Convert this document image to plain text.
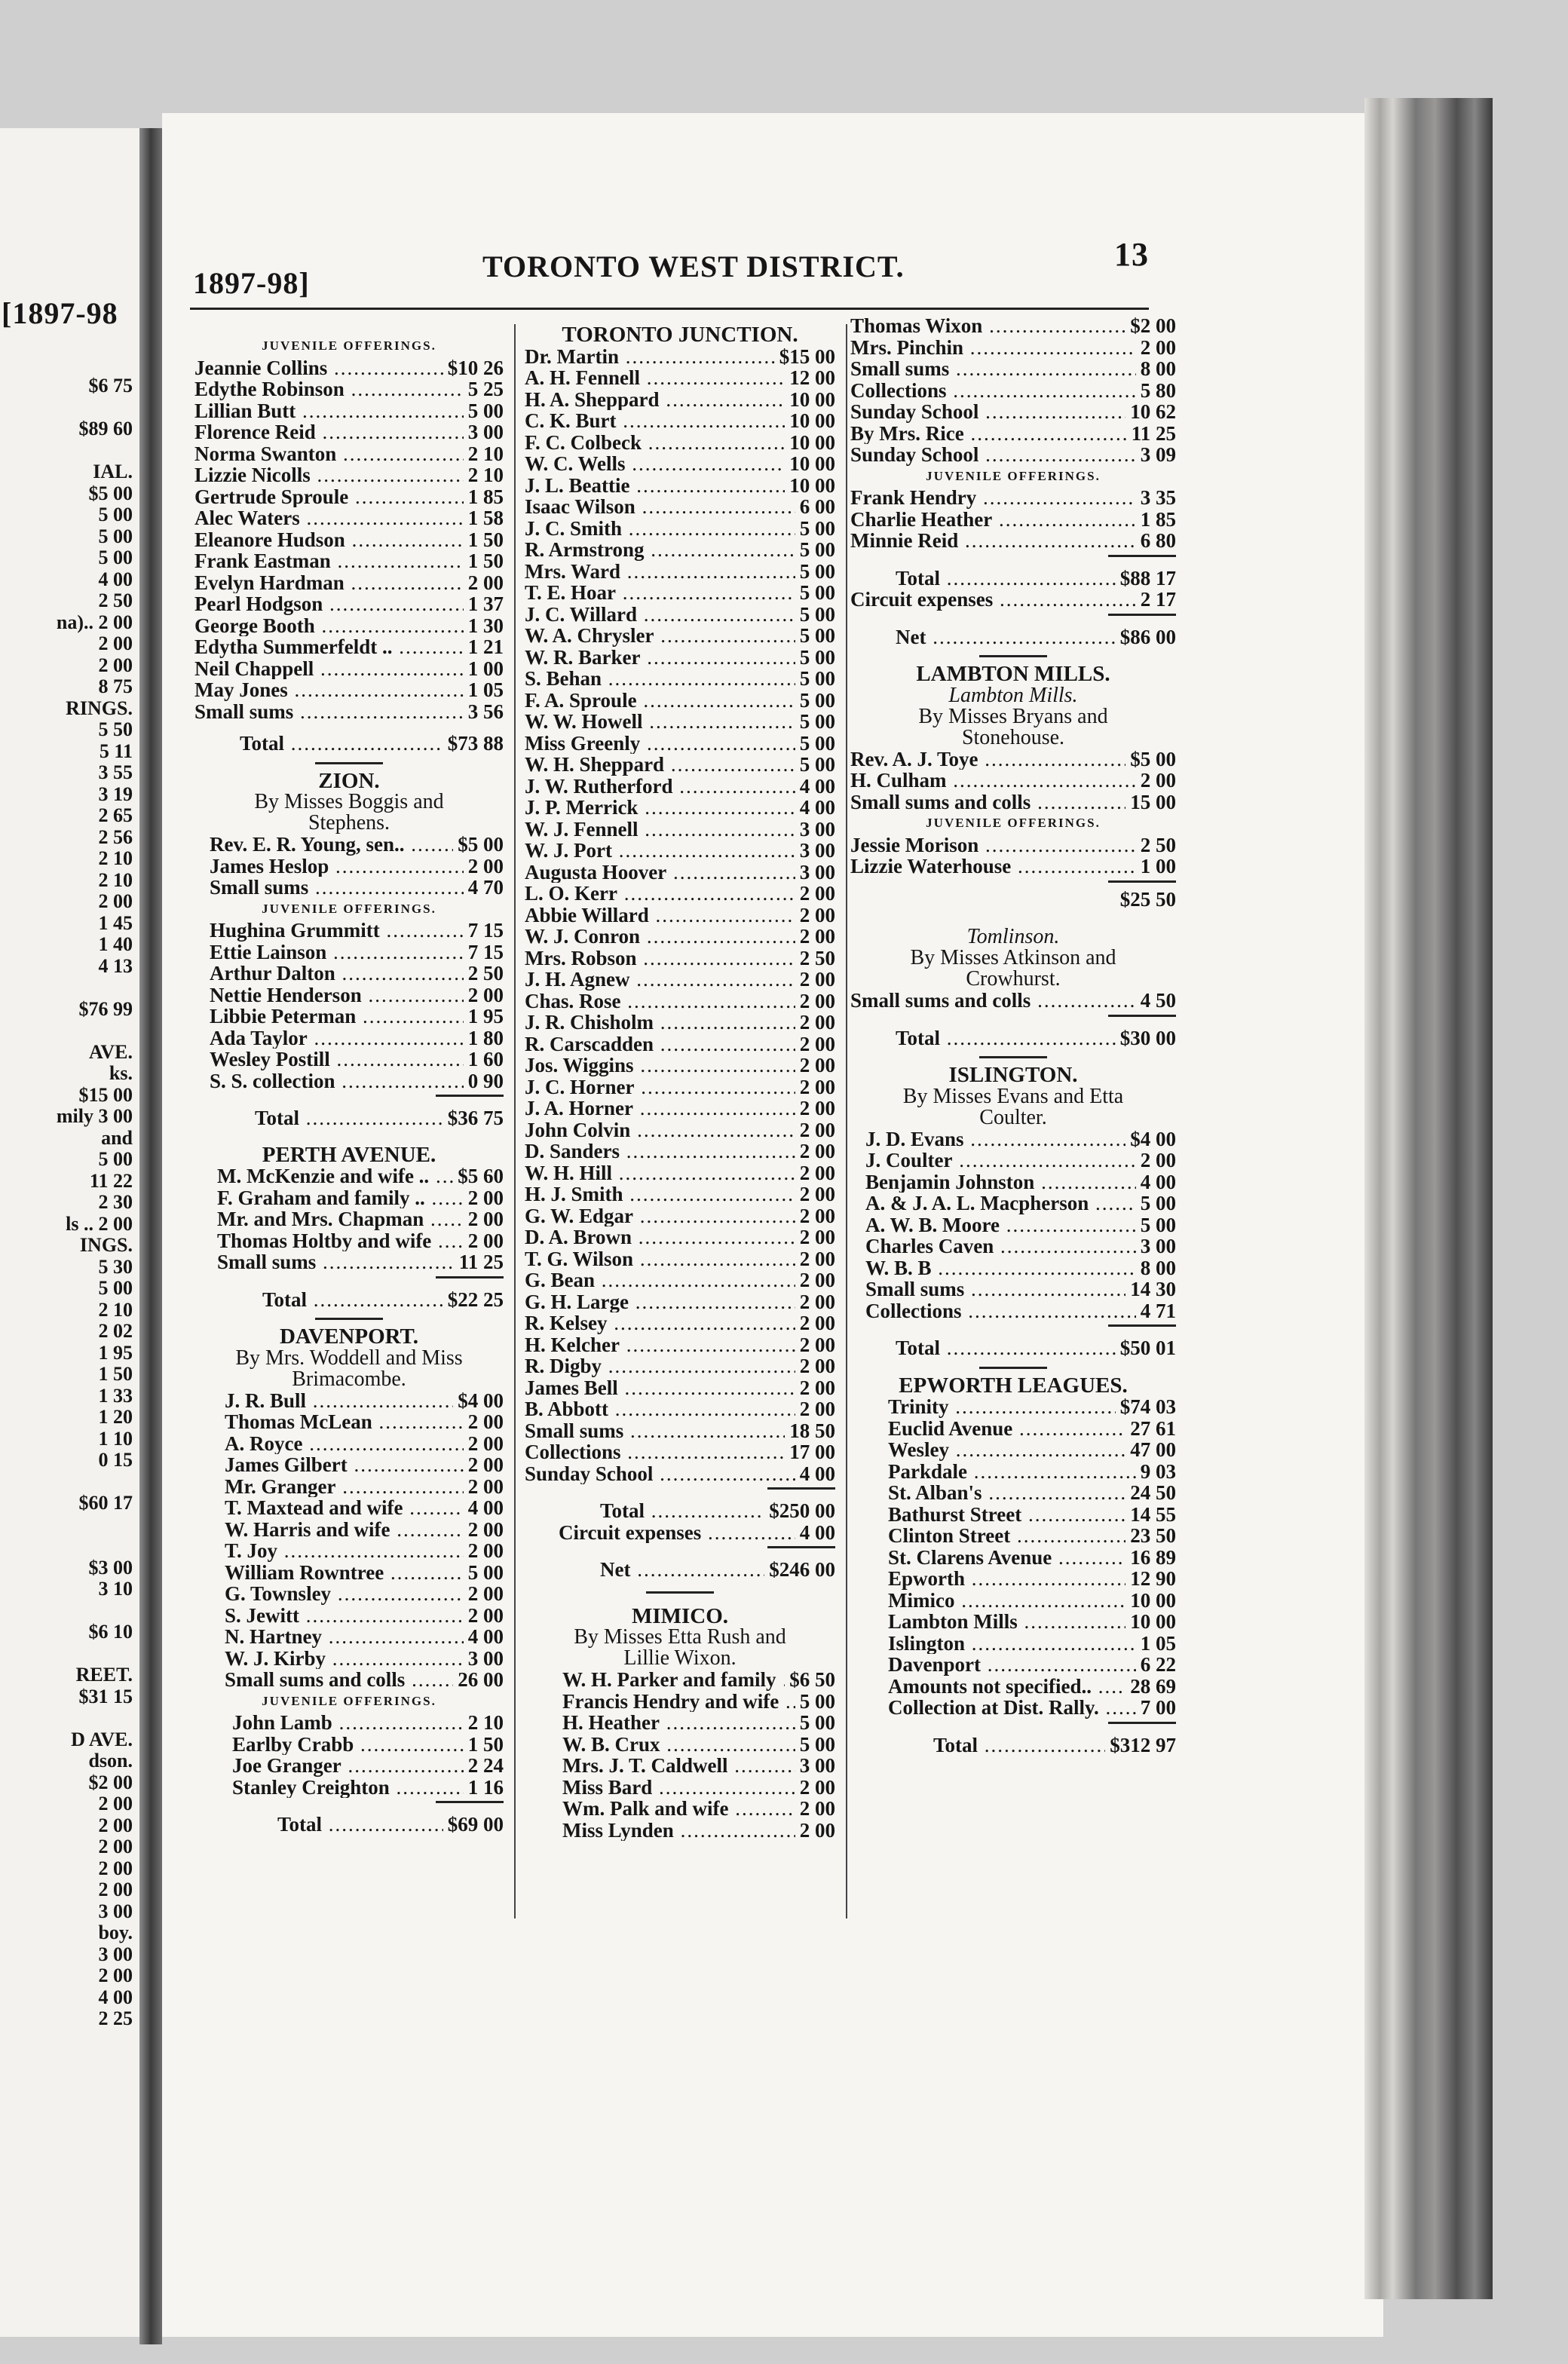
[1897-98
$6 75

$89 60

IAL.
$5 00
5 00
5 00
5 00
4 00
2 50
na).. 2 00
2 00
2 00
8 75
RINGS.
5 50
5 11
3 55
3 19
2 65
2 56
2 10
2 10
2 00
1 45
1 40
4 13

$76 99

AVE.
ks.
$15 00
mily 3 00
and
5 00
11 22
2 30
ls .. 2 00
INGS.
5 30
5 00
2 10
2 02
1 95
1 50
1 33
1 20
1 10
0 15

$60 17

$3 00
3 10

$6 10

REET.
$31 15

D AVE.
dson.
$2 00
2 00
2 00
2 00
2 00
2 00
3 00
boy.
3 00
2 00
4 00
2 25
1897-98]	TORONTO WEST DISTRICT.	13
JUVENILE OFFERINGS.
Jeannie Collins .....	$10 26
Edythe Robinson .....	5 25
Lillian Butt .....	5 00
Florence Reid .....	3 00
Norma Swanton .....	2 10
Lizzie Nicolls .....	2 10
Gertrude Sproule .....	1 85
Alec Waters .....	1 58
Eleanore Hudson .....	1 50
Frank Eastman .....	1 50
Evelyn Hardman .....	2 00
Pearl Hodgson .....	1 37
George Booth .....	1 30
Edytha Summerfeldt .. .....	1 21
Neil Chappell .....	1 00
May Jones .....	1 05
Small sums .....	3 56
Total .....	$73 88
ZION.
By Misses Boggis and Stephens.
Rev. E. R. Young, sen.. .....	$5 00
James Heslop .....	2 00
Small sums .....	4 70
JUVENILE OFFERINGS.
Hughina Grummitt .....	7 15
Ettie Lainson .....	7 15
Arthur Dalton .....	2 50
Nettie Henderson .....	2 00
Libbie Peterman .....	1 95
Ada Taylor .....	1 80
Wesley Postill .....	1 60
S. S. collection .....	0 90
Total .....	$36 75
PERTH AVENUE.
M. McKenzie and wife .. .....	$5 60
F. Graham and family .. .....	2 00
Mr. and Mrs. Chapman .....	2 00
Thomas Holtby and wife .....	2 00
Small sums .....	11 25
Total .....	$22 25
DAVENPORT.
By Mrs. Woddell and Miss Brimacombe.
J. R. Bull .....	$4 00
Thomas McLean .....	2 00
A. Royce .....	2 00
James Gilbert .....	2 00
Mr. Granger .....	2 00
T. Maxtead and wife .....	4 00
W. Harris and wife .....	2 00
T. Joy .....	2 00
William Rowntree .....	5 00
G. Townsley .....	2 00
S. Jewitt .....	2 00
N. Hartney .....	4 00
W. J. Kirby .....	3 00
Small sums and colls .....	26 00
JUVENILE OFFERINGS.
John Lamb .....	2 10
Earlby Crabb .....	1 50
Joe Granger .....	2 24
Stanley Creighton .....	1 16
Total .....	$69 00
TORONTO JUNCTION.
Dr. Martin .....	$15 00
A. H. Fennell .....	12 00
H. A. Sheppard .....	10 00
C. K. Burt .....	10 00
F. C. Colbeck .....	10 00
W. C. Wells .....	10 00
J. L. Beattie .....	10 00
Isaac Wilson .....	6 00
J. C. Smith .....	5 00
R. Armstrong .....	5 00
Mrs. Ward .....	5 00
T. E. Hoar .....	5 00
J. C. Willard .....	5 00
W. A. Chrysler .....	5 00
W. R. Barker .....	5 00
S. Behan .....	5 00
F. A. Sproule .....	5 00
W. W. Howell .....	5 00
Miss Greenly .....	5 00
W. H. Sheppard .....	5 00
J. W. Rutherford .....	4 00
J. P. Merrick .....	4 00
W. J. Fennell .....	3 00
W. J. Port .....	3 00
Augusta Hoover .....	3 00
L. O. Kerr .....	2 00
Abbie Willard .....	2 00
W. J. Conron .....	2 00
Mrs. Robson .....	2 50
J. H. Agnew .....	2 00
Chas. Rose .....	2 00
J. R. Chisholm .....	2 00
R. Carscadden .....	2 00
Jos. Wiggins .....	2 00
J. C. Horner .....	2 00
J. A. Horner .....	2 00
John Colvin .....	2 00
D. Sanders .....	2 00
W. H. Hill .....	2 00
H. J. Smith .....	2 00
G. W. Edgar .....	2 00
D. A. Brown .....	2 00
T. G. Wilson .....	2 00
G. Bean .....	2 00
G. H. Large .....	2 00
R. Kelsey .....	2 00
H. Kelcher .....	2 00
R. Digby .....	2 00
James Bell .....	2 00
B. Abbott .....	2 00
Small sums .....	18 50
Collections .....	17 00
Sunday School .....	4 00
Total .....	$250 00
Circuit expenses .....	4 00
Net .....	$246 00
MIMICO.
By Misses Etta Rush and Lillie Wixon.
W. H. Parker and family ..... $6 50
Francis Hendry and wife .....	5 00
H. Heather .....	5 00
W. B. Crux .....	5 00
Mrs. J. T. Caldwell .....	3 00
Miss Bard .....	2 00
Wm. Palk and wife .....	2 00
Miss Lynden .....	2 00
Thomas Wixon .....	$2 00
Mrs. Pinchin .....	2 00
Small sums .....	8 00
Collections .....	5 80
Sunday School .....	10 62
By Mrs. Rice .....	11 25
Sunday School .....	3 09
JUVENILE OFFERINGS.
Frank Hendry .....	3 35
Charlie Heather .....	1 85
Minnie Reid .....	6 80
Total .....	$88 17
Circuit expenses .....	2 17
Net .....	$86 00
LAMBTON MILLS.
Lambton Mills.
By Misses Bryans and Stonehouse.
Rev. A. J. Toye .....	$5 00
H. Culham .....	2 00
Small sums and colls .....	15 00
JUVENILE OFFERINGS.
Jessie Morison .....	2 50
Lizzie Waterhouse .....	1 00
$25 50
Tomlinson.
By Misses Atkinson and Crowhurst.
Small sums and colls .....	4 50
Total .....	$30 00
ISLINGTON.
By Misses Evans and Etta Coulter.
J. D. Evans .....	$4 00
J. Coulter .....	2 00
Benjamin Johnston .....	4 00
A. & J. A. L. Macpherson .....	5 00
A. W. B. Moore .....	5 00
Charles Caven .....	3 00
W. B. B .....	8 00
Small sums .....	14 30
Collections .....	4 71
Total .....	$50 01
EPWORTH LEAGUES.
Trinity .....	$74 03
Euclid Avenue .....	27 61
Wesley .....	47 00
Parkdale .....	9 03
St. Alban's .....	24 50
Bathurst Street .....	14 55
Clinton Street .....	23 50
St. Clarens Avenue .....	16 89
Epworth .....	12 90
Mimico .....	10 00
Lambton Mills .....	10 00
Islington .....	1 05
Davenport .....	6 22
Amounts not specified.. .....	28 69
Collection at Dist. Rally. .....	7 00
Total .....	$312 97
